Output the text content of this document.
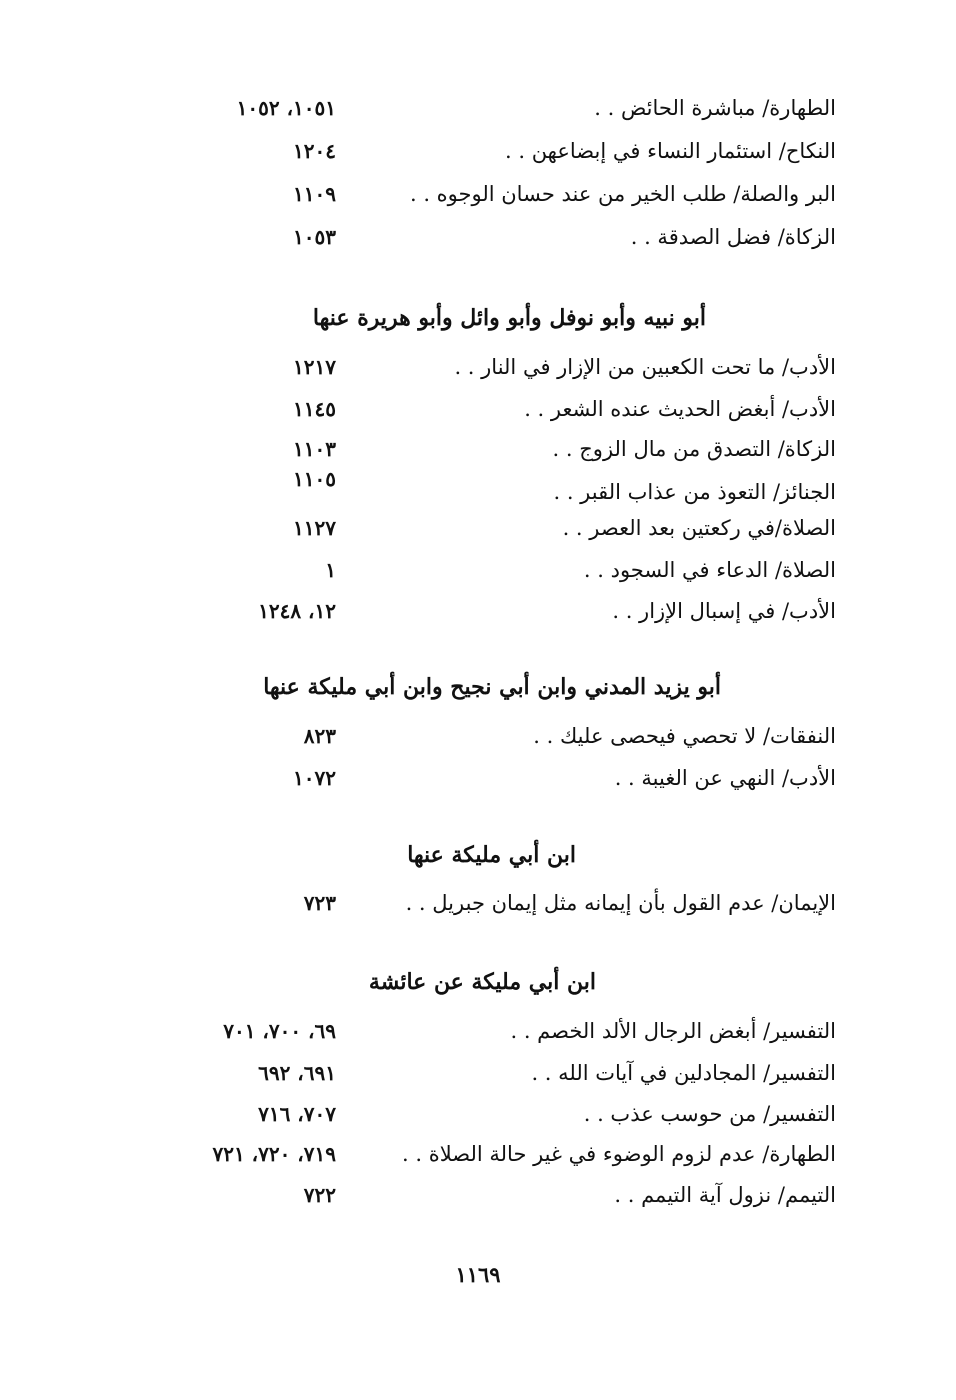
الطهارة/ مباشرة الحائض . .
١٠٥١، ١٠٥٢
النكاح/ استئمار النساء في إبضاعهن . .
١٢٠٤
البر والصلة/ طلب الخير من عند حسان الوجوه . .
١١٠٩
الزكاة/ فضل الصدقة . .
١٠٥٣
أبو نبيه وأبو نوفل وأبو وائل وأبو هريرة عنها
الأدب/ ما تحت الكعبين من الإزار في النار . .
١٢١٧
الأدب/ أبغض الحديث عنده الشعر . .
١١٤٥
الزكاة/ التصدق من مال الزوج . .
١١٠٣
الجنائز/ التعوذ من عذاب القبر . .
١١٠٥
الصلاة/في ركعتين بعد العصر . .
١١٢٧
الصلاة/ الدعاء في السجود . .
١
الأدب/ في إسبال الإزار . .
١٢، ١٢٤٨
أبو يزيد المدني وابن أبي نجيح وابن أبي مليكة عنها
النفقات/ لا تحصي فيحصى عليك . .
٨٢٣
الأدب/ النهي عن الغيبة . .
١٠٧٢
ابن أبي مليكة عنها
الإيمان/ عدم القول بأن إيمانه مثل إيمان جبريل . .
٧٢٣
ابن أبي مليكة عن عائشة
التفسير/ أبغض الرجال الألد الخصم . .
٦٩، ٧٠٠، ٧٠١
التفسير/ المجادلين في آيات الله . .
٦٩١، ٦٩٢
التفسير/ من حوسب عذب . .
٧٠٧، ٧١٦
الطهارة/ عدم لزوم الوضوء في غير حالة الصلاة . .
٧١٩، ٧٢٠، ٧٢١
التيمم/ نزول آية التيمم . .
٧٢٢
١١٦٩
